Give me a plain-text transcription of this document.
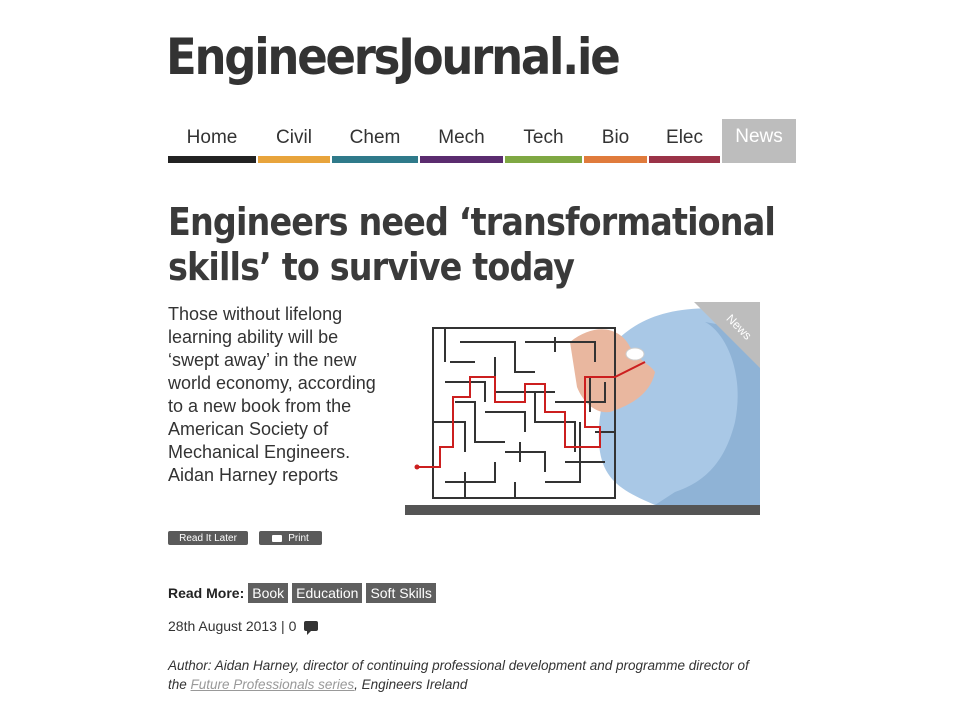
EngineersJournal.ie
Home Civil Chem Mech Tech Bio Elec News
Engineers need ‘transformational
skills’ to survive today
Those without lifelong learning ability will be ‘swept away’ in the new world economy, according to a new book from the American Society of Mechanical Engineers. Aidan Harney reports
News
Read It Later	Print
Read More: Book Education Soft Skills
28th August 2013 | 0
Author: Aidan Harney, director of continuing professional development and programme director of the Future Professionals series, Engineers Ireland
